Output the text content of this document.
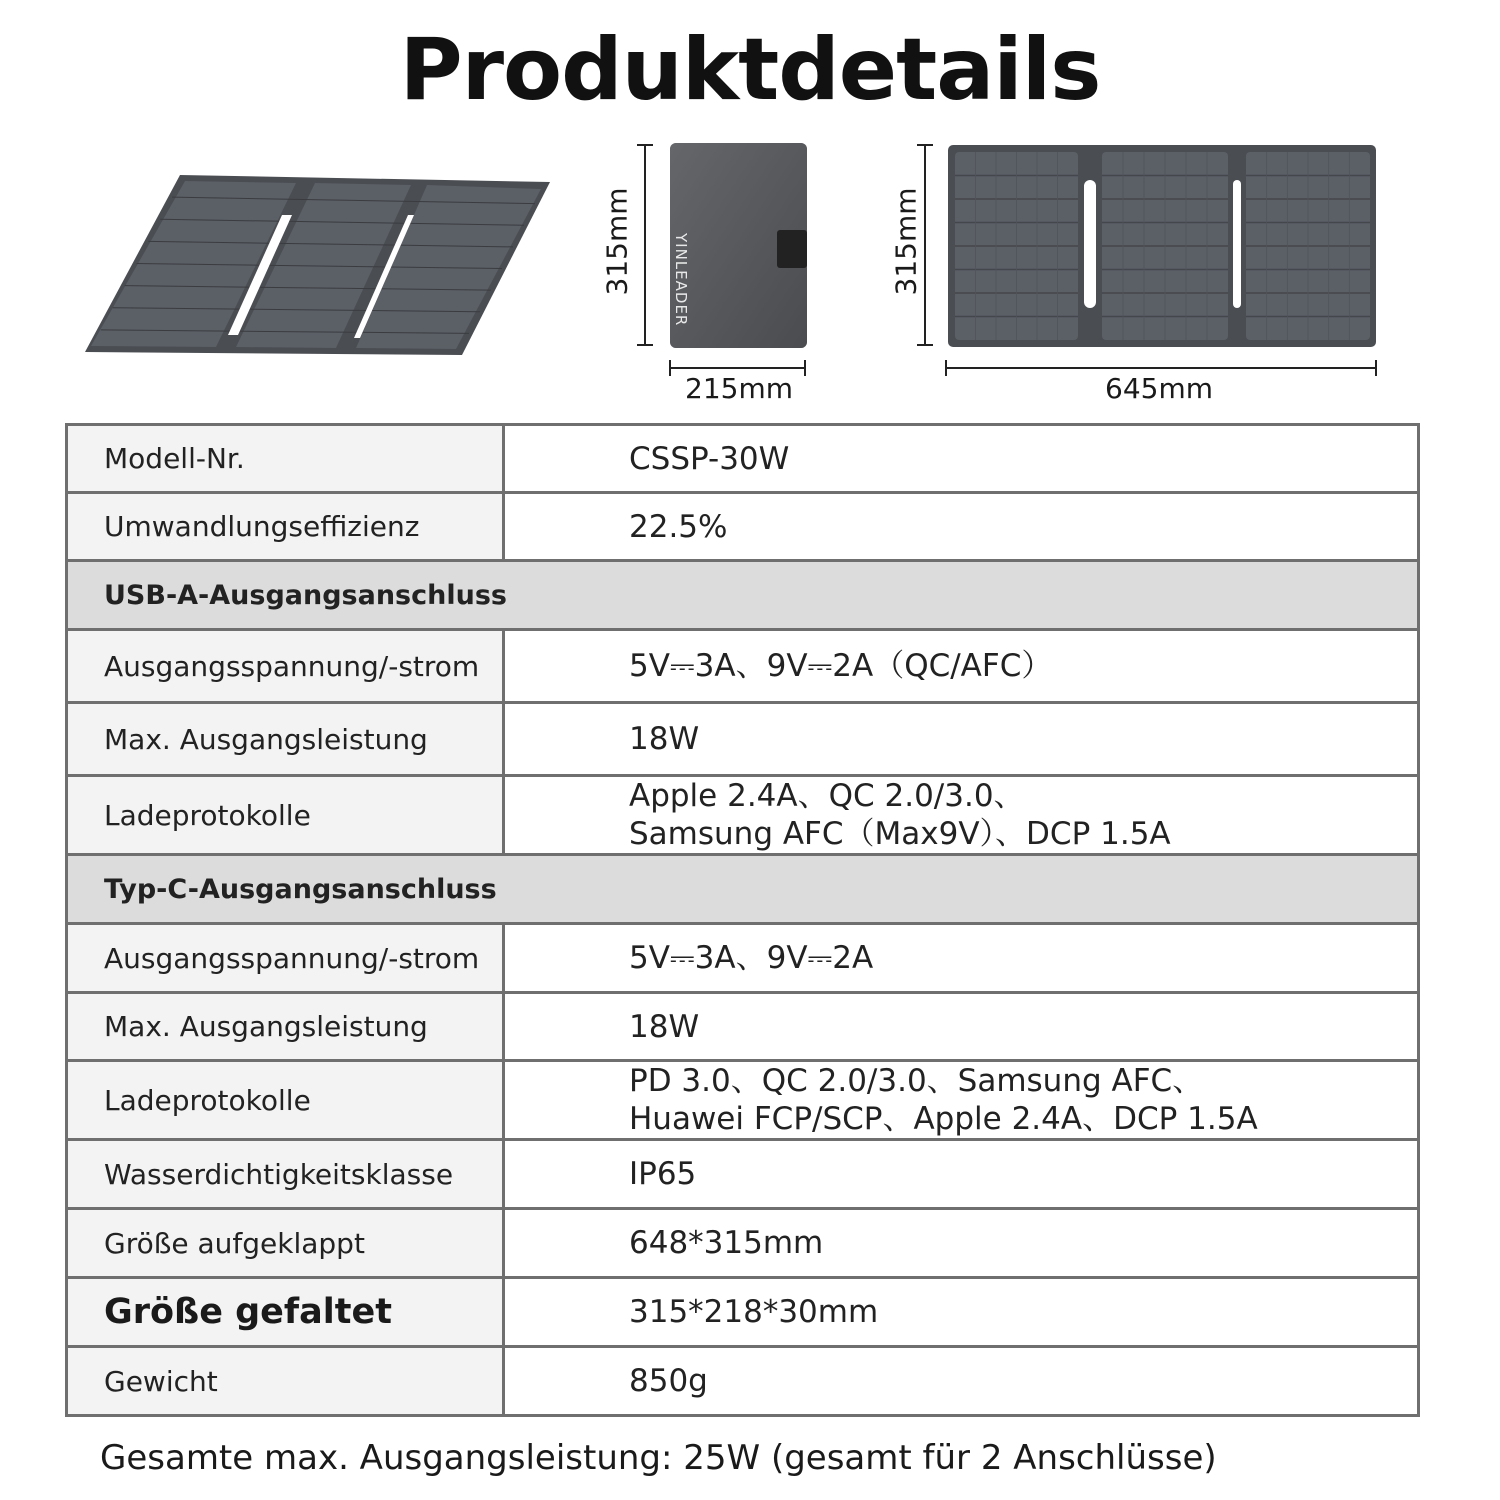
Produktdetails
YINLEADER
315mm
215mm
315mm
645mm
Modell-Nr.	CSSP-30W

Umwandlungseffizienz	22.5%

USB-A-Ausgangsanschluss	
Ausgangsspannung/-strom	5V⎓3A、9V⎓2A（QC/AFC）

Max. Ausgangsleistung	18W

Ladeprotokolle	Apple 2.4A、QC 2.0/3.0、
Samsung AFC（Max9V）、DCP 1.5A

Typ-C-Ausgangsanschluss	
Ausgangsspannung/-strom	5V⎓3A、9V⎓2A

Max. Ausgangsleistung	18W

Ladeprotokolle	PD 3.0、QC 2.0/3.0、Samsung AFC、
Huawei FCP/SCP、Apple 2.4A、DCP 1.5A

Wasserdichtigkeitsklasse	IP65

Größe aufgeklappt	648*315mm

Größe gefaltet	315*218*30mm

Gewicht	850g
Gesamte max. Ausgangsleistung: 25W (gesamt für 2 Anschlüsse)
